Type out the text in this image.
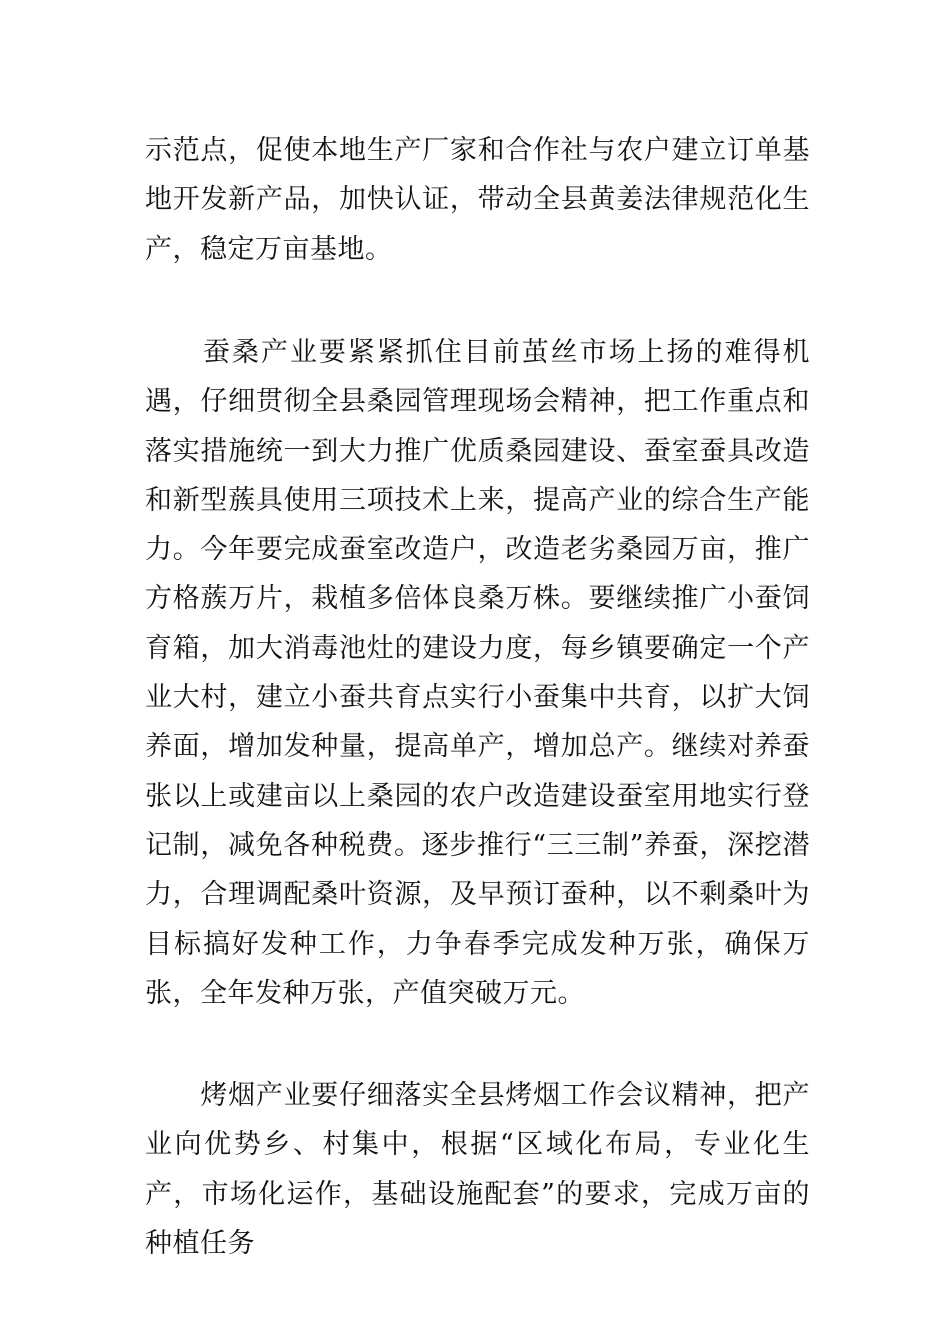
示范点，促使本地生产厂家和合作社与农户建立订单基地开发新产品，加快认证，带动全县黄姜法律规范化生产，稳定万亩基地。
　　蚕桑产业要紧紧抓住目前茧丝市场上扬的难得机遇，仔细贯彻全县桑园管理现场会精神，把工作重点和落实措施统一到大力推广优质桑园建设、蚕室蚕具改造和新型蔟具使用三项技术上来，提高产业的综合生产能力。今年要完成蚕室改造户，改造老劣桑园万亩，推广方格蔟万片，栽植多倍体良桑万株。要继续推广小蚕饲育箱，加大消毒池灶的建设力度，每乡镇要确定一个产业大村，建立小蚕共育点实行小蚕集中共育，以扩大饲养面，增加发种量，提高单产，增加总产。继续对养蚕张以上或建亩以上桑园的农户改造建设蚕室用地实行登记制，减免各种税费。逐步推行“三三制”养蚕，深挖潜力，合理调配桑叶资源，及早预订蚕种，以不剩桑叶为目标搞好发种工作，力争春季完成发种万张，确保万张，全年发种万张，产值突破万元。
　　烤烟产业要仔细落实全县烤烟工作会议精神，把产业向优势乡、村集中，根据“区域化布局，专业化生产，市场化运作，基础设施配套”的要求，完成万亩的种植任务
